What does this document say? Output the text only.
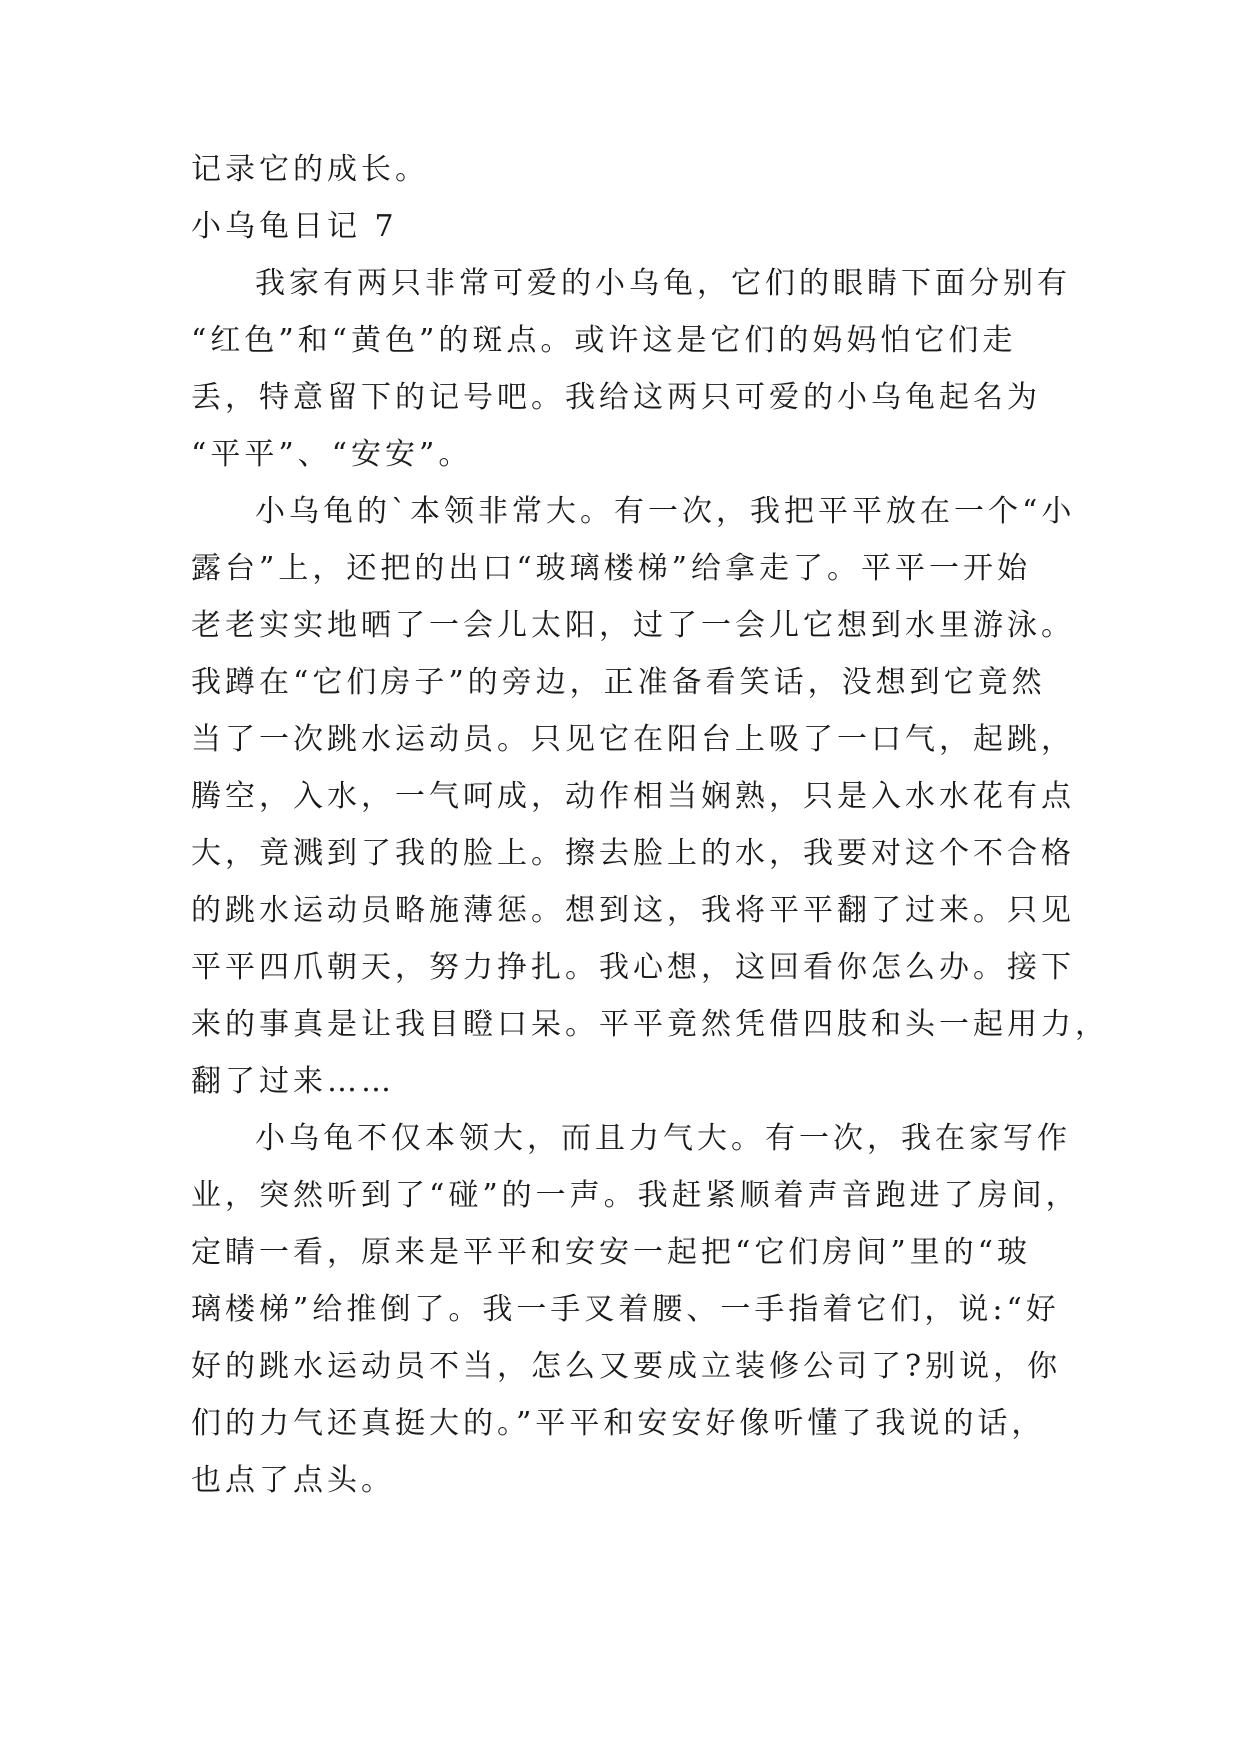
记录它的成长。
小乌龟日记 7
我家有两只非常可爱的小乌龟，它们的眼睛下面分别有
“红色”和“黄色”的斑点。或许这是它们的妈妈怕它们走
丢，特意留下的记号吧。我给这两只可爱的小乌龟起名为
“平平”、“安安”。
小乌龟的`本领非常大。有一次，我把平平放在一个“小
露台”上，还把的出口“玻璃楼梯”给拿走了。平平一开始
老老实实地晒了一会儿太阳，过了一会儿它想到水里游泳。
我蹲在“它们房子”的旁边，正准备看笑话，没想到它竟然
当了一次跳水运动员。只见它在阳台上吸了一口气，起跳，
腾空，入水，一气呵成，动作相当娴熟，只是入水水花有点
大，竟溅到了我的脸上。擦去脸上的水，我要对这个不合格
的跳水运动员略施薄惩。想到这，我将平平翻了过来。只见
平平四爪朝天，努力挣扎。我心想，这回看你怎么办。接下
来的事真是让我目瞪口呆。平平竟然凭借四肢和头一起用力，
翻了过来……
小乌龟不仅本领大，而且力气大。有一次，我在家写作
业，突然听到了“碰”的一声。我赶紧顺着声音跑进了房间，
定睛一看，原来是平平和安安一起把“它们房间”里的“玻
璃楼梯”给推倒了。我一手叉着腰、一手指着它们，说:“好
好的跳水运动员不当，怎么又要成立装修公司了?别说，你
们的力气还真挺大的。”平平和安安好像听懂了我说的话，
也点了点头。
